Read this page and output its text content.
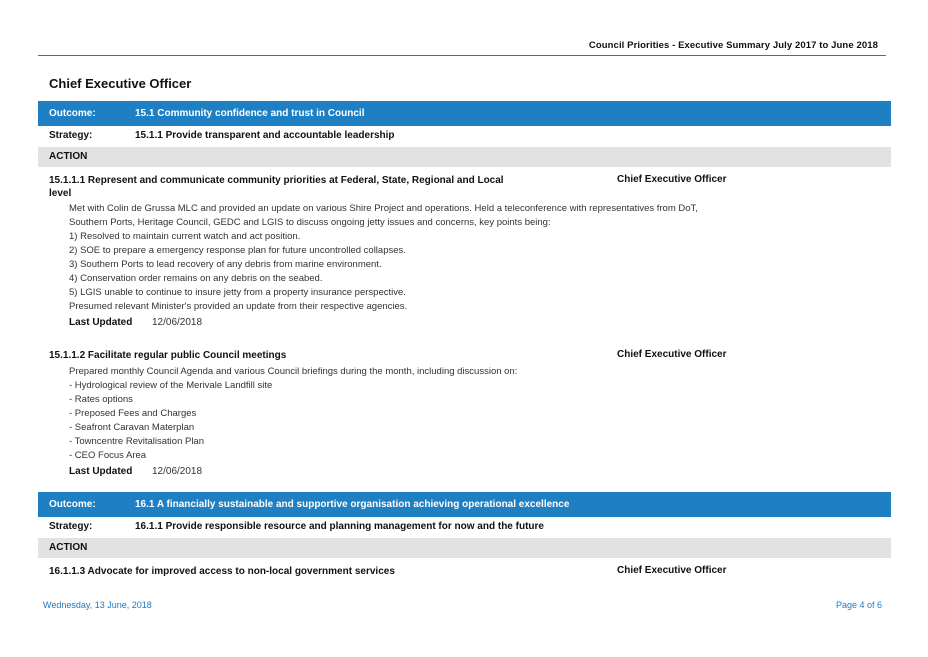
Council Priorities - Executive Summary July 2017 to June 2018
Chief Executive Officer
Outcome:	15.1 Community confidence and trust in Council
Strategy:	15.1.1 Provide transparent and accountable leadership
ACTION
15.1.1.1 Represent and communicate community priorities at Federal, State, Regional and Local
level
Chief Executive Officer
Met with Colin de Grussa MLC and provided an update on various Shire Project and operations. Held a teleconference with representatives from DoT,
Southern Ports, Heritage Council, GEDC and LGIS to discuss ongoing jetty issues and concerns, key points being:
1) Resolved to maintain current watch and act position.
2) SOE to prepare a emergency response plan for future uncontrolled collapses.
3) Southern Ports to lead recovery of any debris from marine environment.
4) Conservation order remains on any debris on the seabed.
5) LGIS unable to continue to insure jetty from a property insurance perspective.
Presumed relevant Minister's provided an update from their respective agencies.
Last Updated 12/06/2018
15.1.1.2 Facilitate regular public Council meetings	Chief Executive Officer
Prepared monthly Council Agenda and various Council briefings during the month, including discussion on:
- Hydrological review of the Merivale Landfill site
- Rates options
- Preposed Fees and Charges
- Seafront Caravan Materplan
- Towncentre Revitalisation Plan
- CEO Focus Area
Last Updated 12/06/2018
Outcome:	16.1 A financially sustainable and supportive organisation achieving operational excellence
Strategy:	16.1.1 Provide responsible resource and planning management for now and the future
ACTION
16.1.1.3 Advocate for improved access to non-local government services	Chief Executive Officer
Wednesday, 13 June, 2018	Page 4 of 6
